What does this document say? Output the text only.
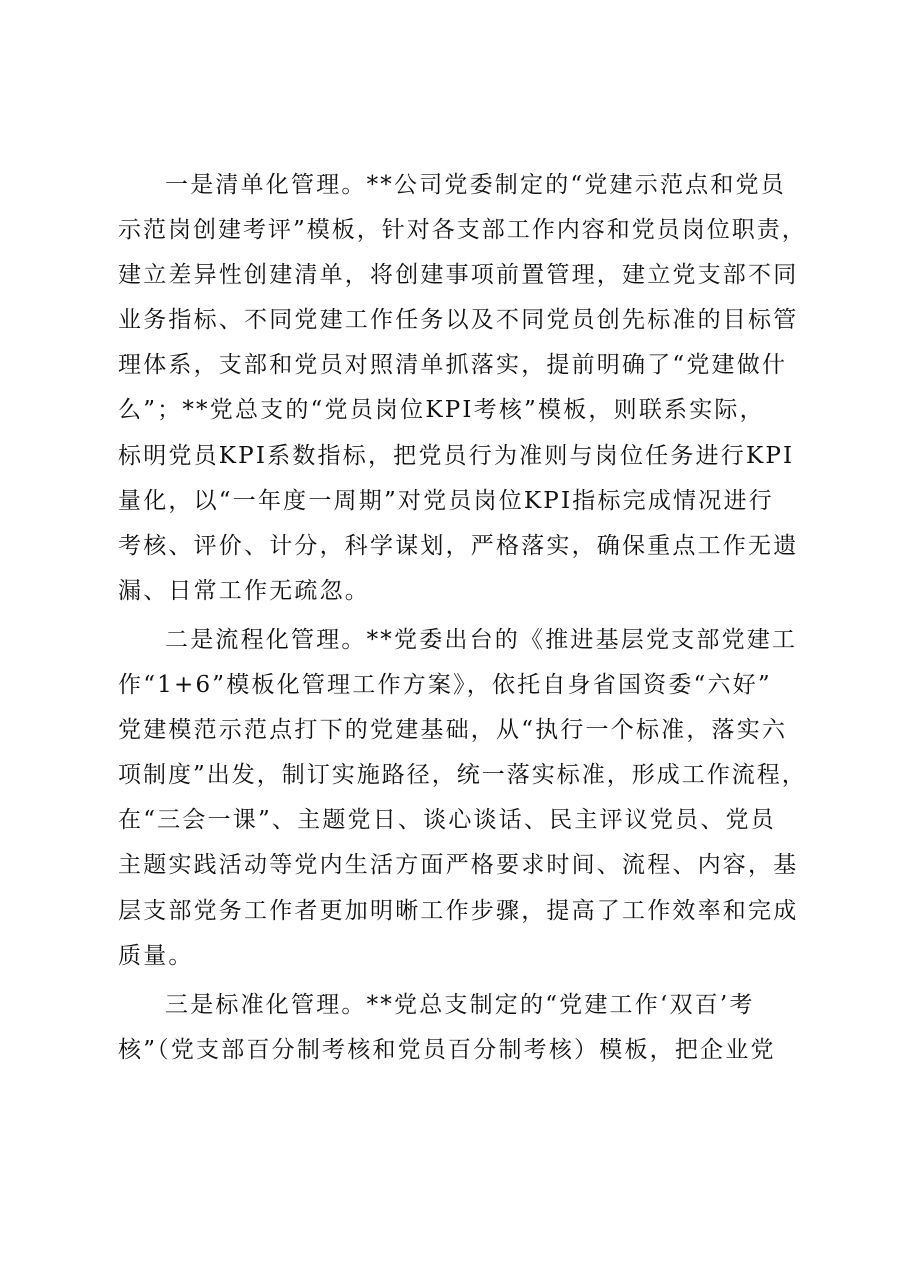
一是清单化管理。**公司党委制定的“党建示范点和党员
示范岗创建考评”模板，针对各支部工作内容和党员岗位职责，
建立差异性创建清单，将创建事项前置管理，建立党支部不同
业务指标、不同党建工作任务以及不同党员创先标准的目标管
理体系，支部和党员对照清单抓落实，提前明确了“党建做什
么”；**党总支的“党员岗位KPI考核”模板，则联系实际，
标明党员KPI系数指标，把党员行为准则与岗位任务进行KPI
量化，以“一年度一周期”对党员岗位KPI指标完成情况进行
考核、评价、计分，科学谋划，严格落实，确保重点工作无遗
漏、日常工作无疏忽。
二是流程化管理。**党委出台的《推进基层党支部党建工
作“1+6”模板化管理工作方案》，依托自身省国资委“六好”
党建模范示范点打下的党建基础，从“执行一个标准，落实六
项制度”出发，制订实施路径，统一落实标准，形成工作流程，
在“三会一课”、主题党日、谈心谈话、民主评议党员、党员
主题实践活动等党内生活方面严格要求时间、流程、内容，基
层支部党务工作者更加明晰工作步骤，提高了工作效率和完成
质量。
三是标准化管理。**党总支制定的“党建工作‘双百’考
核”（党支部百分制考核和党员百分制考核）模板，把企业党
